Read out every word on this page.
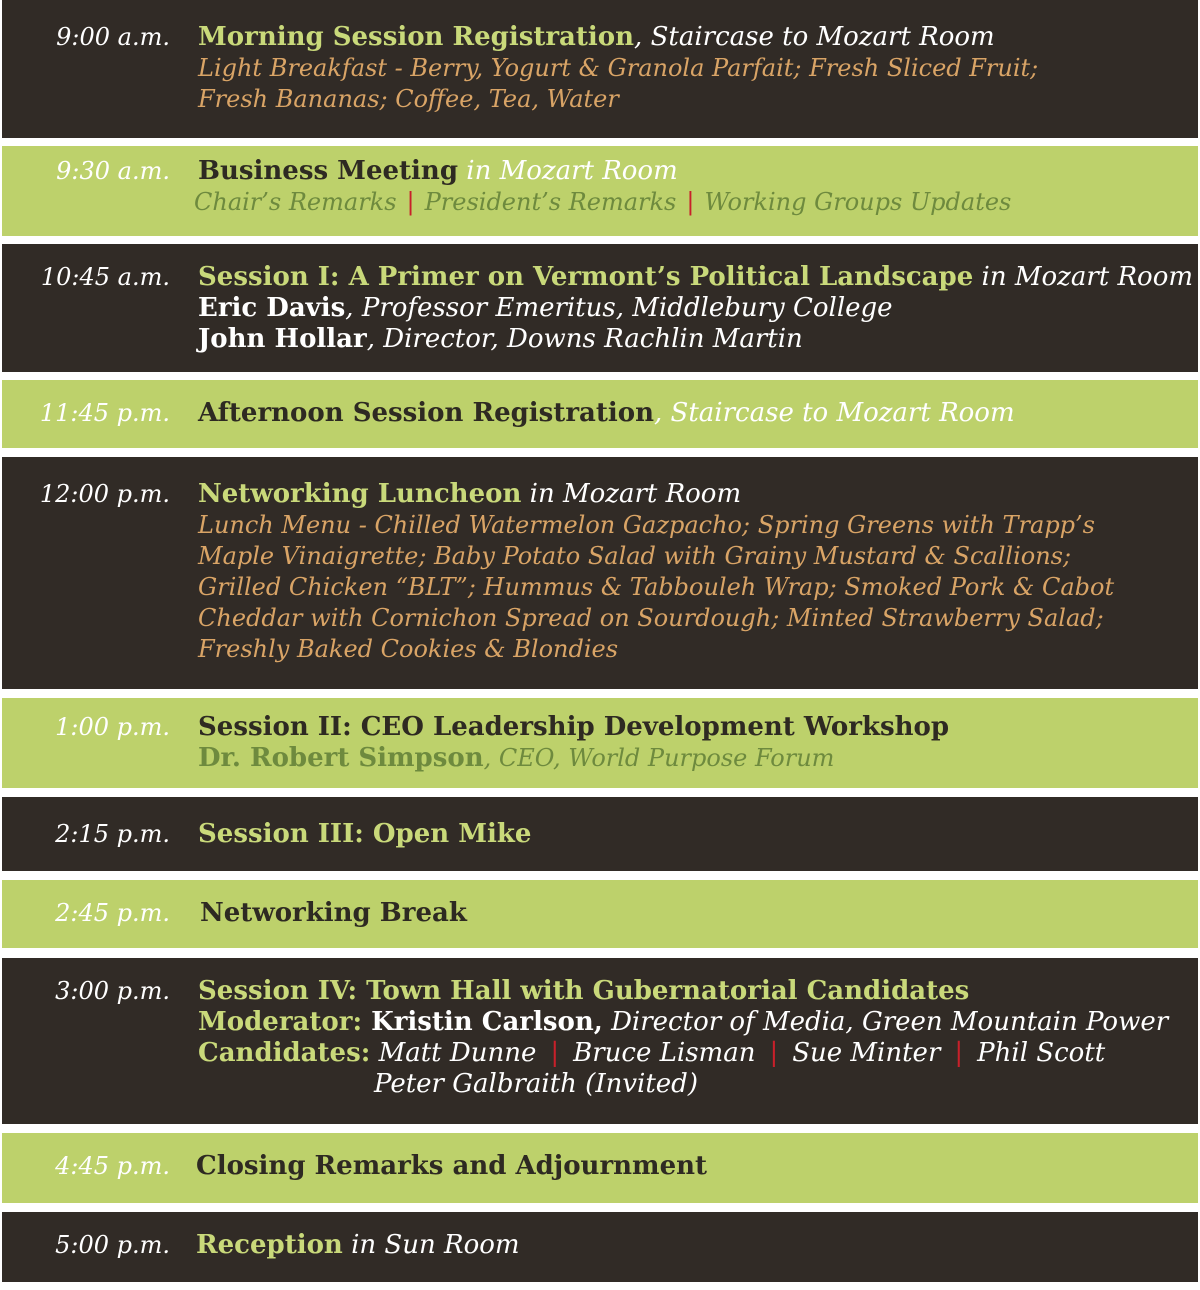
9:00 a.m. Morning Session Registration, Staircase to Mozart Room
Light Breakfast - Berry, Yogurt & Granola Parfait; Fresh Sliced Fruit;
Fresh Bananas; Coffee, Tea, Water
9:30 a.m. Business Meeting in Mozart Room
Chair’s Remarks | President’s Remarks | Working Groups Updates
10:45 a.m. Session I: A Primer on Vermont’s Political Landscape in Mozart Room
Eric Davis, Professor Emeritus, Middlebury College
John Hollar, Director, Downs Rachlin Martin
11:45 p.m. Afternoon Session Registration, Staircase to Mozart Room
12:00 p.m. Networking Luncheon in Mozart Room
Lunch Menu - Chilled Watermelon Gazpacho; Spring Greens with Trapp’s
Maple Vinaigrette; Baby Potato Salad with Grainy Mustard & Scallions;
Grilled Chicken “BLT”; Hummus & Tabbouleh Wrap; Smoked Pork & Cabot
Cheddar with Cornichon Spread on Sourdough; Minted Strawberry Salad;
Freshly Baked Cookies & Blondies
1:00 p.m. Session II: CEO Leadership Development Workshop
Dr. Robert Simpson, CEO, World Purpose Forum
2:15 p.m. Session III: Open Mike
2:45 p.m. Networking Break
3:00 p.m. Session IV: Town Hall with Gubernatorial Candidates
Moderator: Kristin Carlson, Director of Media, Green Mountain Power
Candidates: Matt Dunne | Bruce Lisman | Sue Minter | Phil Scott
Peter Galbraith (Invited)
4:45 p.m. Closing Remarks and Adjournment
5:00 p.m. Reception in Sun Room
